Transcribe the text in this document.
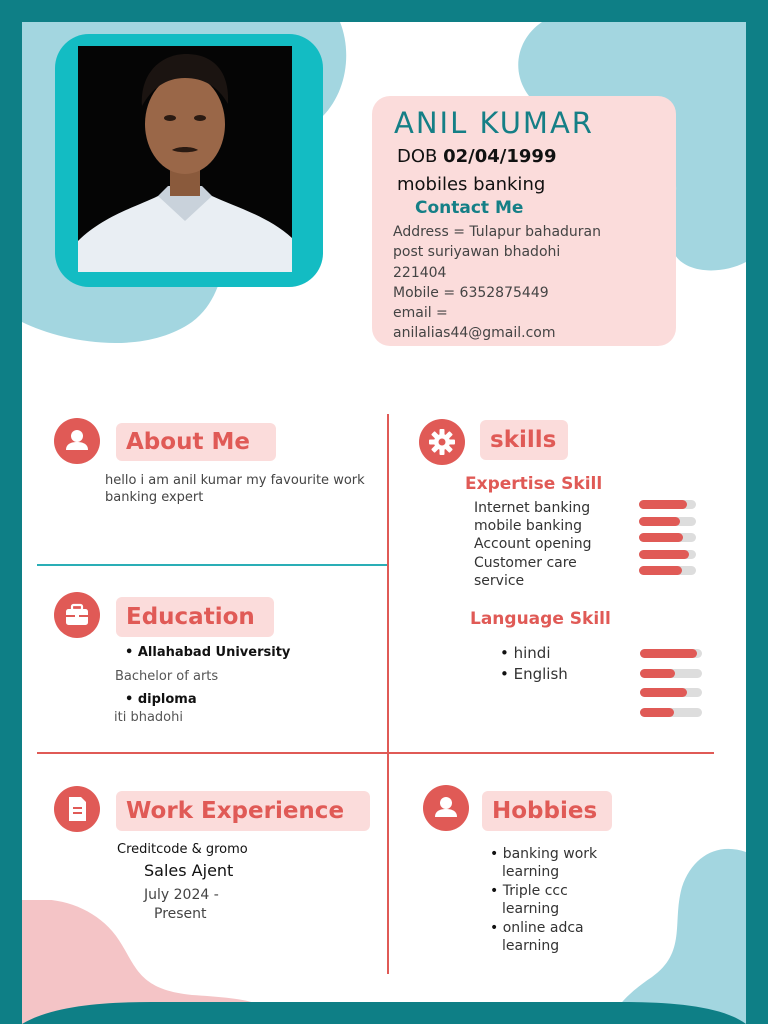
ANIL KUMAR
DOB 02/04/1999
mobiles banking
Contact Me
Address = Tulapur bahaduran
post suriyawan bhadohi
221404
Mobile = 6352875449
email =
anilalias44@gmail.com
About Me
hello i am anil kumar my favourite work
banking expert
skills
Expertise Skill
Internet banking
mobile banking
Account opening
Customer care
service
Language Skill
• hindi
• English
Education
• Allahabad University
Bachelor of arts
• diploma
iti bhadohi
Work Experience
Creditcode & gromo
Sales Ajent
July 2024 -
Present
Hobbies
• banking work
learning
• Triple ccc
learning
• online adca
learning
